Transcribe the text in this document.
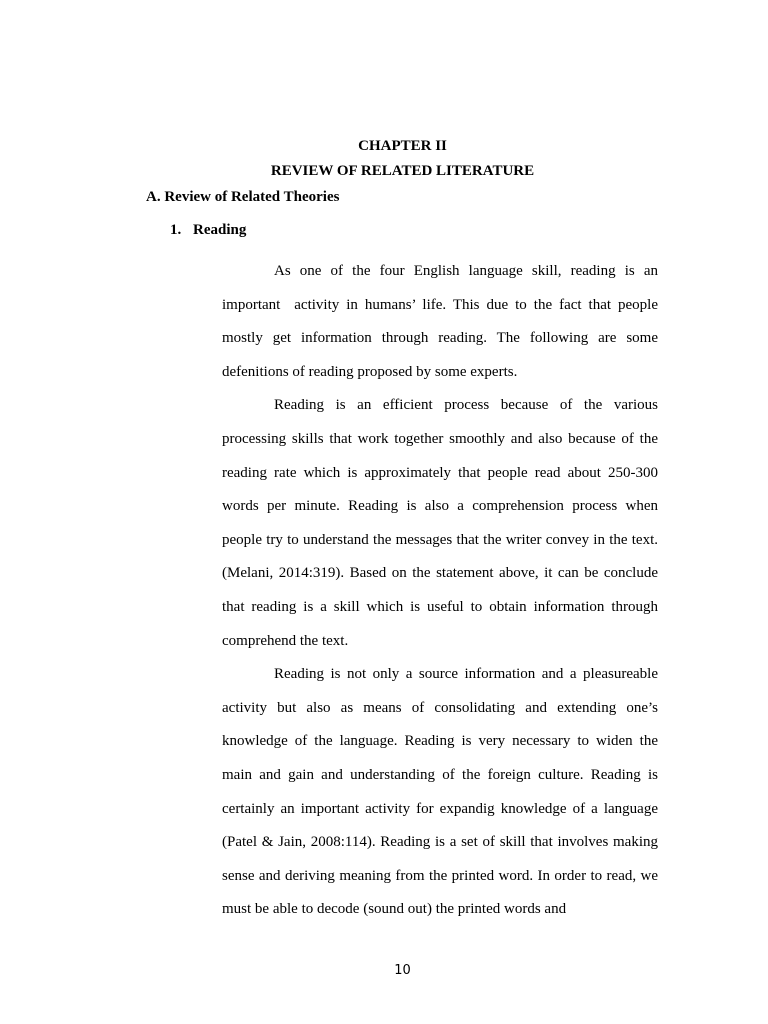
CHAPTER II
REVIEW OF RELATED LITERATURE
A. Review of Related Theories
1. Reading

As one of the four English language skill, reading is an important  activity in humans’ life. This due to the fact that people mostly get information through reading. The following are some defenitions of reading proposed by some experts.

Reading is an efficient process because of the various processing skills that work together smoothly and also because of the reading rate which is approximately that people read about 250-300 words per minute. Reading is also a comprehension process when people try to understand the messages that the writer convey in the text. (Melani, 2014:319). Based on the statement above, it can be conclude that reading is a skill which is useful to obtain information through comprehend the text.

Reading is not only a source information and a pleasureable activity but also as means of consolidating and extending one’s knowledge of the language. Reading is very necessary to widen the main and gain and understanding of the foreign culture. Reading is certainly an important activity for expandig knowledge of a language (Patel & Jain, 2008:114). Reading is a set of skill that involves making sense and deriving meaning from the printed word. In order to read, we must be able to decode (sound out) the printed words and

10
